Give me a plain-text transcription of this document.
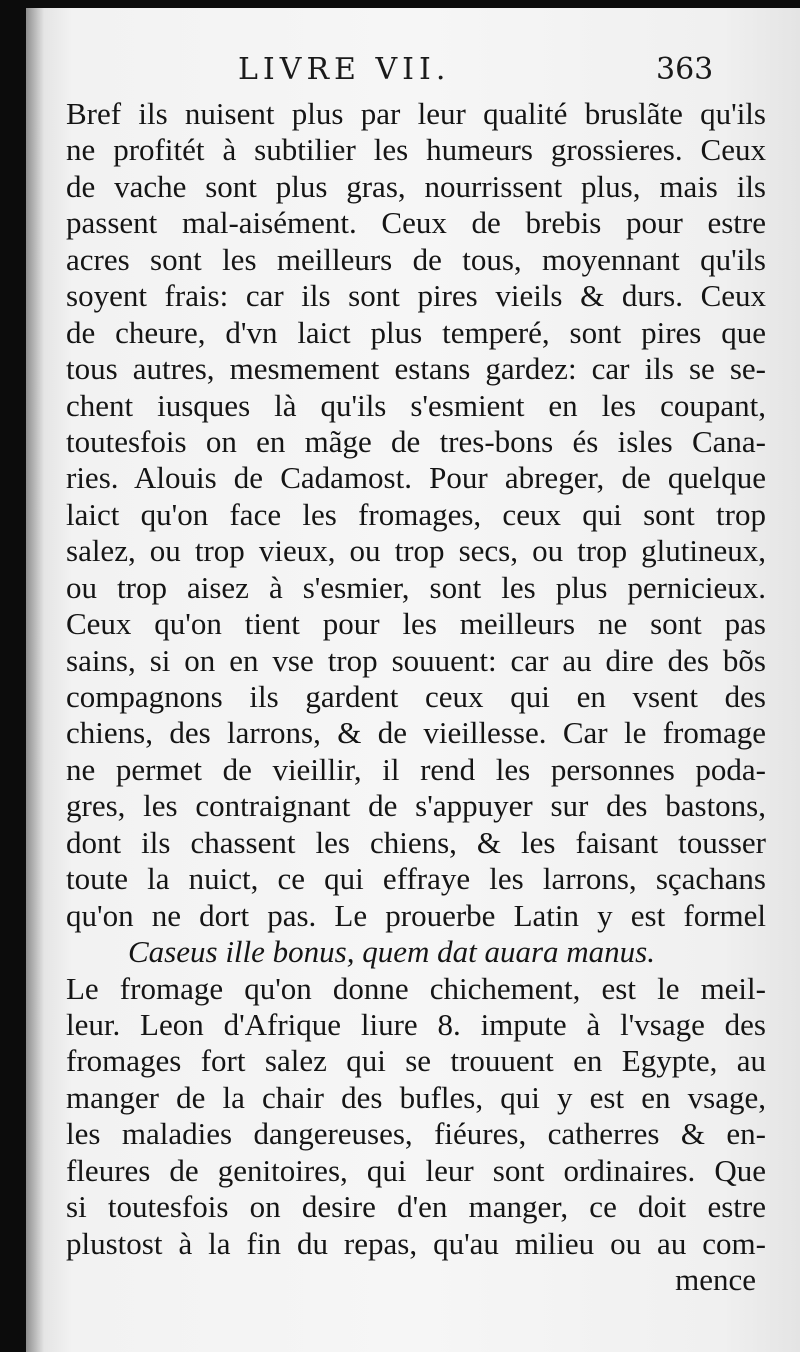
LIVRE VII.	363
Bref ils nuisent plus par leur qualité bruslãte qu'ils
ne profitét à subtilier les humeurs grossieres. Ceux
de vache sont plus gras, nourrissent plus, mais ils
passent mal-aisément. Ceux de brebis pour estre
acres sont les meilleurs de tous, moyennant qu'ils
soyent frais: car ils sont pires vieils & durs. Ceux
de cheure, d'vn laict plus temperé, sont pires que
tous autres, mesmement estans gardez: car ils se se-
chent iusques là qu'ils s'esmient en les coupant,
toutesfois on en mãge de tres-bons és isles Cana-
ries. Alouis de Cadamost. Pour abreger, de quelque
laict qu'on face les fromages, ceux qui sont trop
salez, ou trop vieux, ou trop secs, ou trop glutineux,
ou trop aisez à s'esmier, sont les plus pernicieux.
Ceux qu'on tient pour les meilleurs ne sont pas
sains, si on en vse trop souuent: car au dire des bõs
compagnons ils gardent ceux qui en vsent des
chiens, des larrons, & de vieillesse. Car le fromage
ne permet de vieillir, il rend les personnes poda-
gres, les contraignant de s'appuyer sur des bastons,
dont ils chassent les chiens, & les faisant tousser
toute la nuict, ce qui effraye les larrons, sçachans
qu'on ne dort pas. Le prouerbe Latin y est formel
Caseus ille bonus, quem dat auara manus.
Le fromage qu'on donne chichement, est le meil-
leur. Leon d'Afrique liure 8. impute à l'vsage des
fromages fort salez qui se trouuent en Egypte, au
manger de la chair des bufles, qui y est en vsage,
les maladies dangereuses, fiéures, catherres & en-
fleures de genitoires, qui leur sont ordinaires. Que
si toutesfois on desire d'en manger, ce doit estre
plustost à la fin du repas, qu'au milieu ou au com-
mence
